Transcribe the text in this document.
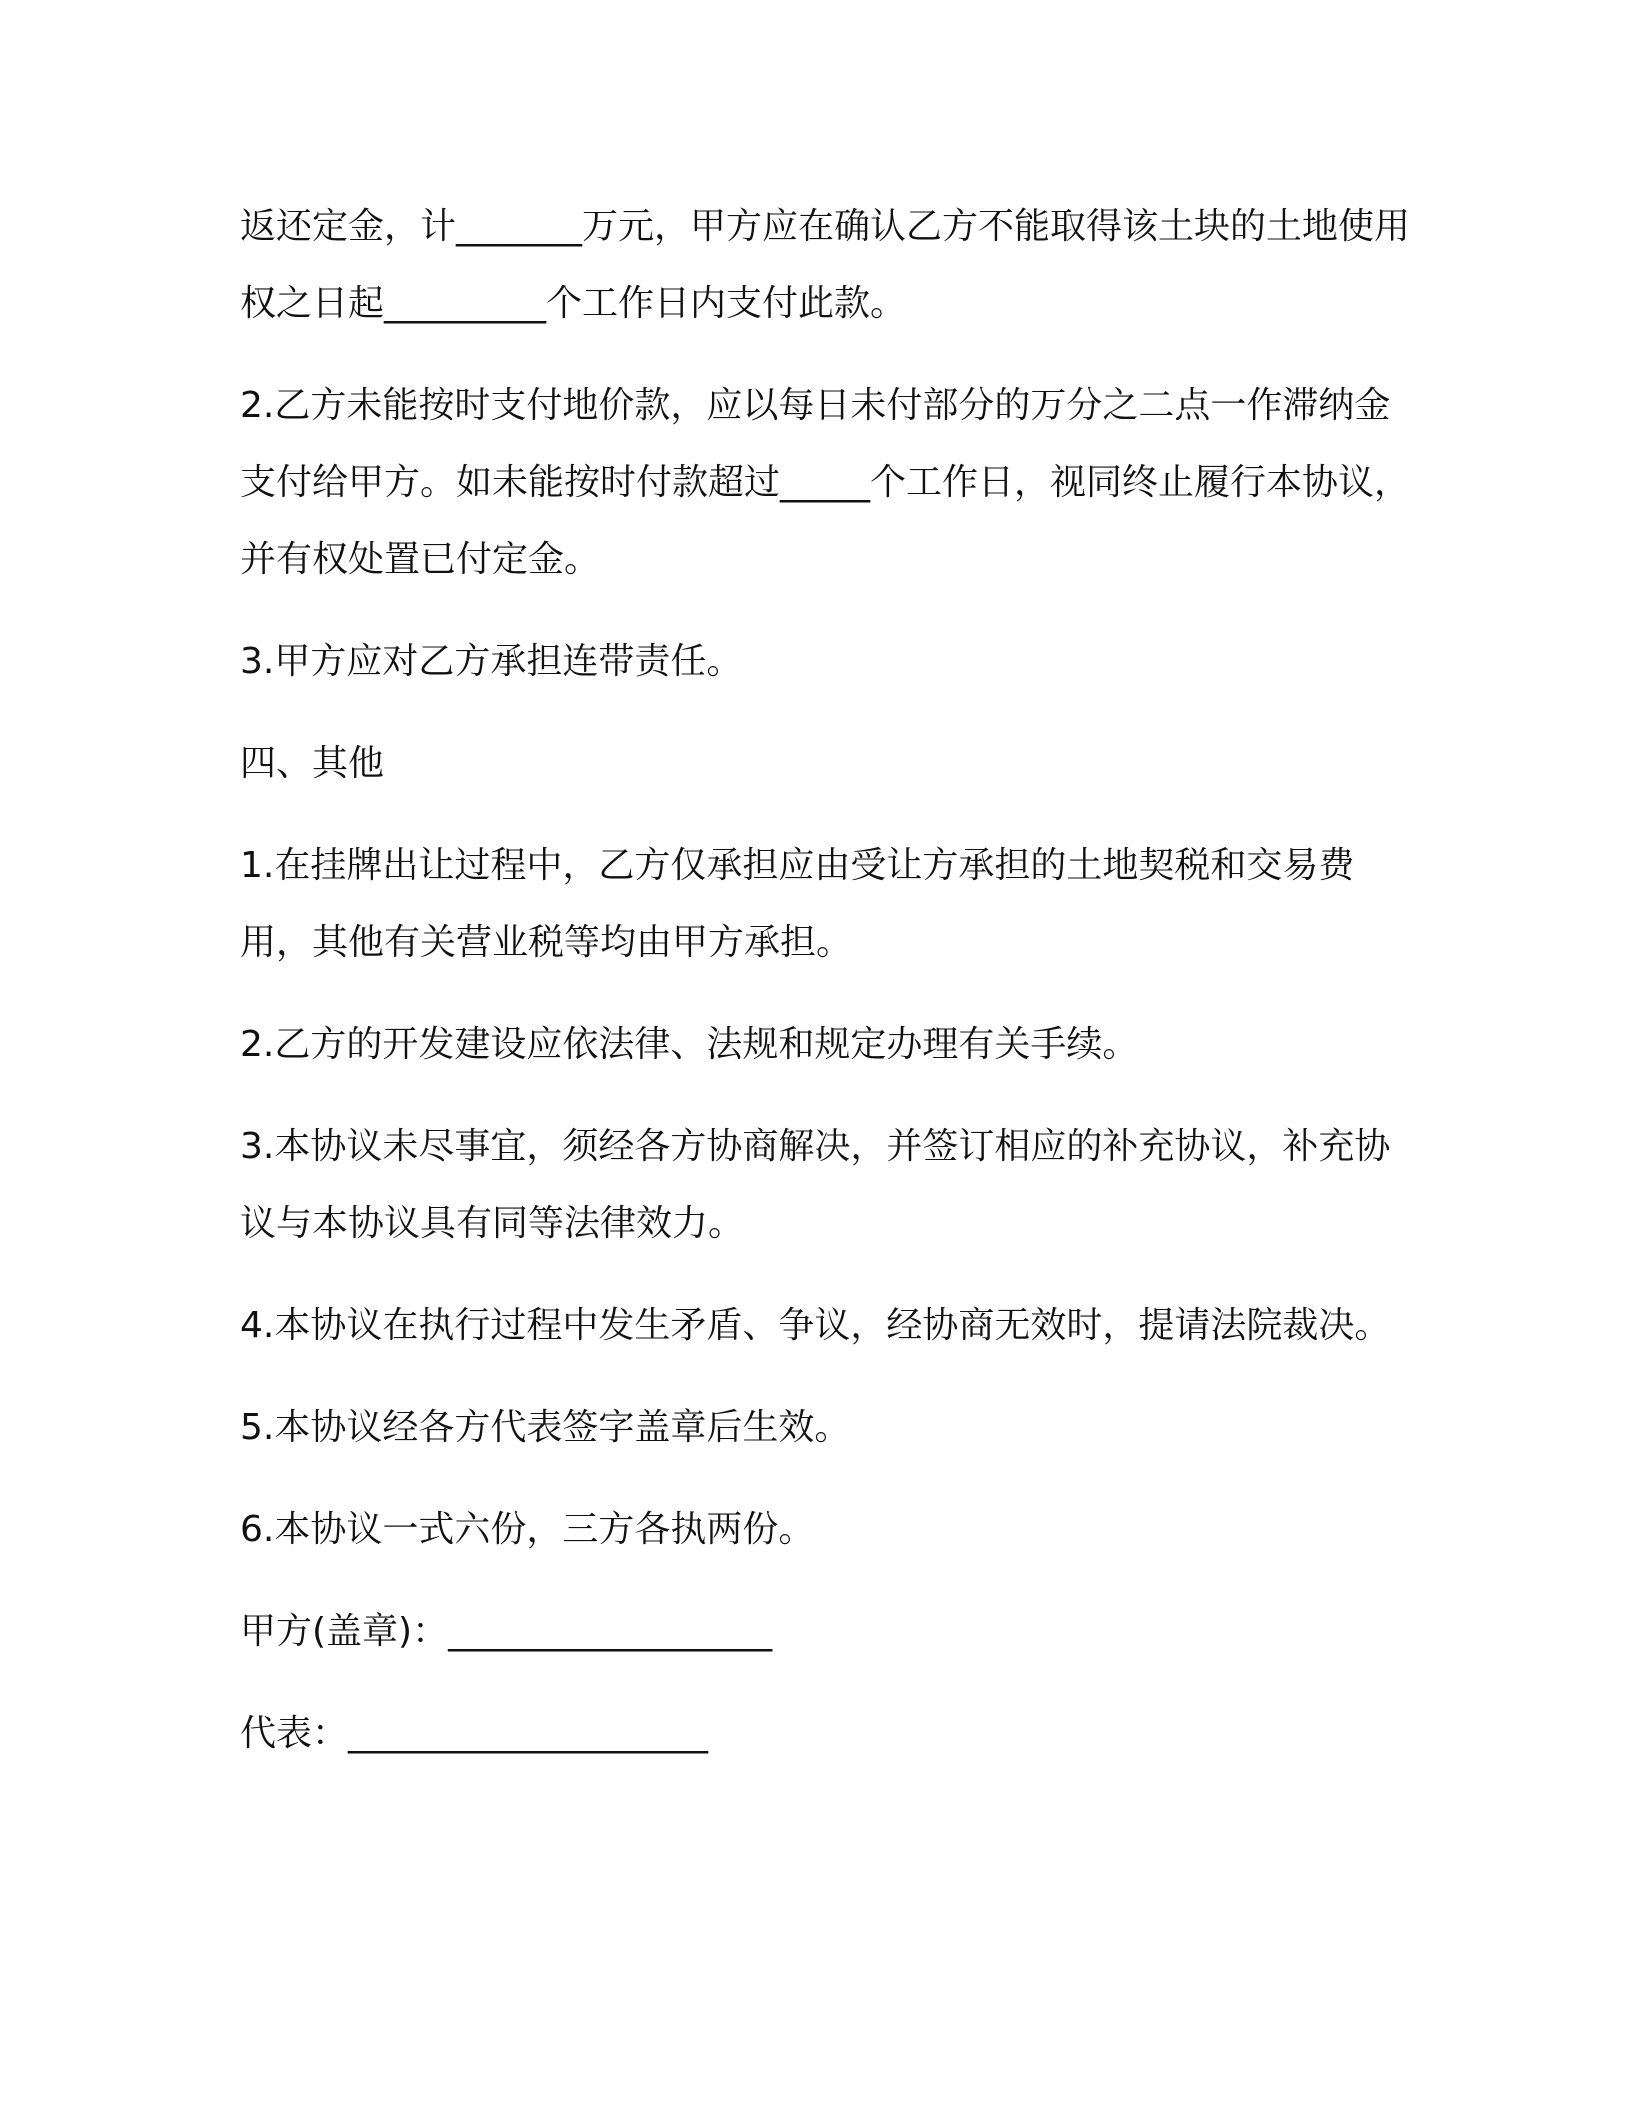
返还定金，计_______万元，甲方应在确认乙方不能取得该土块的土地使用权之日起_________个工作日内支付此款。

2.乙方未能按时支付地价款，应以每日未付部分的万分之二点一作滞纳金支付给甲方。如未能按时付款超过_____个工作日，视同终止履行本协议，并有权处置已付定金。

3.甲方应对乙方承担连带责任。

四、其他

1.在挂牌出让过程中，乙方仅承担应由受让方承担的土地契税和交易费用，其他有关营业税等均由甲方承担。

2.乙方的开发建设应依法律、法规和规定办理有关手续。

3.本协议未尽事宜，须经各方协商解决，并签订相应的补充协议，补充协议与本协议具有同等法律效力。

4.本协议在执行过程中发生矛盾、争议，经协商无效时，提请法院裁决。

5.本协议经各方代表签字盖章后生效。

6.本协议一式六份，三方各执两份。

甲方(盖章)：__________________

代表：____________________
